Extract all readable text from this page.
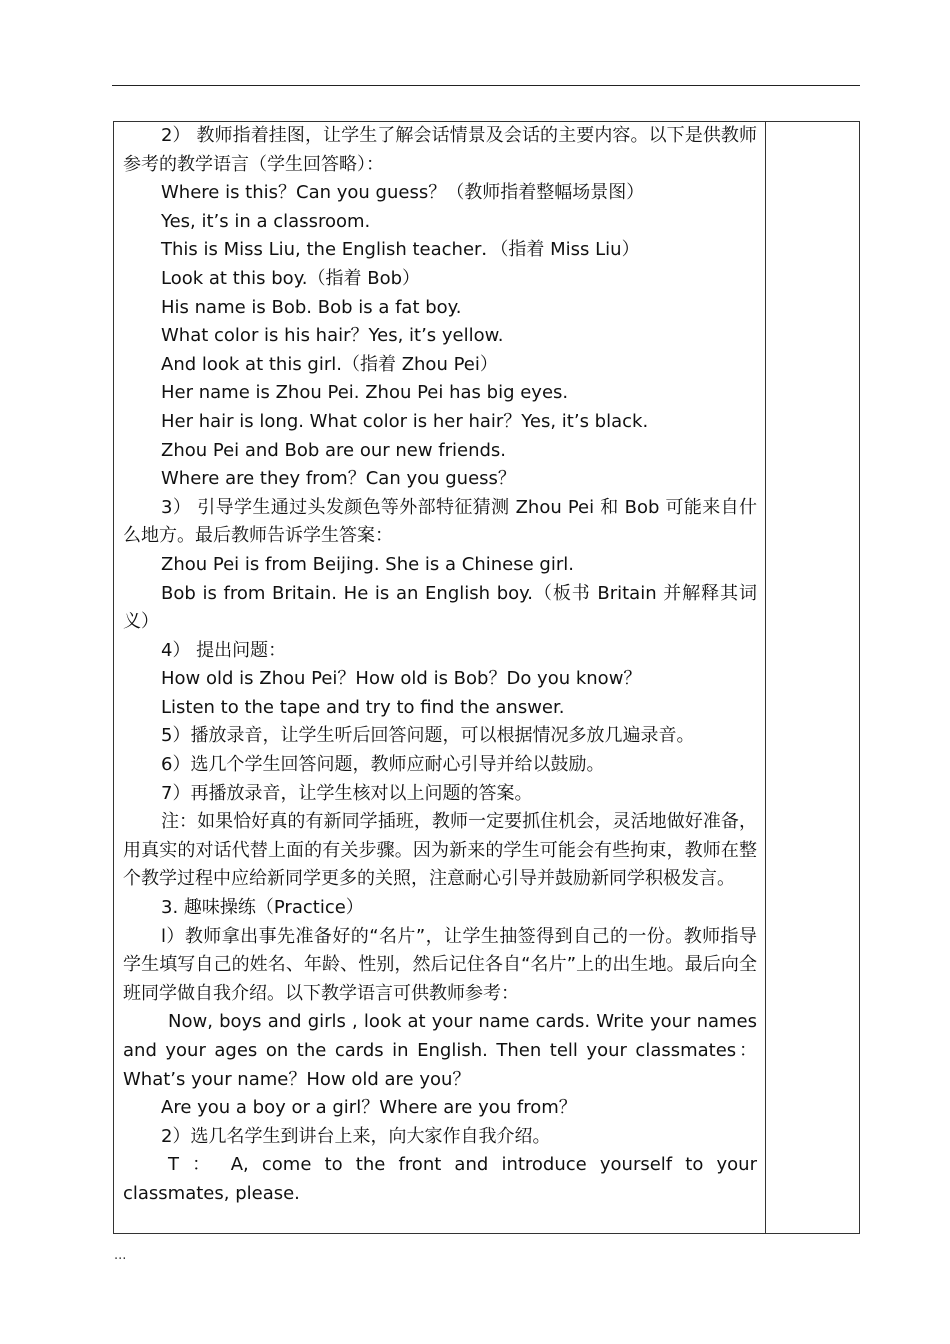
2） 教师指着挂图，让学生了解会话情景及会话的主要内容。以下是供教师参考的教学语言（学生回答略）：

Where is this？Can you guess？（教师指着整幅场景图）

Yes, it’s in a classroom.

This is Miss Liu, the English teacher．（指着 Miss Liu）

Look at this boy.（指着 Bob）

His name is Bob. Bob is a fat boy.

What color is his hair？Yes, it’s yellow.

And look at this girl.（指着 Zhou Pei）

Her name is Zhou Pei. Zhou Pei has big eyes.

Her hair is long. What color is her hair？Yes, it’s black.

Zhou Pei and Bob are our new friends.

Where are they from？Can you guess？

3） 引导学生通过头发颜色等外部特征猜测 Zhou Pei 和 Bob 可能来自什么地方。最后教师告诉学生答案：

Zhou Pei is from Beijing. She is a Chinese girl.

Bob is from Britain. He is an English boy.（板书 Britain 并解释其词义）

4） 提出问题：

How old is Zhou Pei？How old is Bob？Do you know？

Listen to the tape and try to find the answer.

5）播放录音，让学生听后回答问题，可以根据情况多放几遍录音。

6）选几个学生回答问题，教师应耐心引导并给以鼓励。

7）再播放录音，让学生核对以上问题的答案。

注：如果恰好真的有新同学插班，教师一定要抓住机会，灵活地做好准备，用真实的对话代替上面的有关步骤。因为新来的学生可能会有些拘束，教师在整个教学过程中应给新同学更多的关照，注意耐心引导并鼓励新同学积极发言。

3. 趣味操练（Practice）

l）教师拿出事先准备好的“名片”，让学生抽签得到自己的一份。教师指导学生填写自己的姓名、年龄、性别，然后记住各自“名片”上的出生地。最后向全班同学做自我介绍。以下教学语言可供教师参考：

Now, boys and girls , look at your name cards. Write your names and your ages on the cards in English. Then tell your classmates：What’s your name？How old are you？

Are you a boy or a girl？Where are you from？

2）选几名学生到讲台上来，向大家作自我介绍。

T ： A, come to the front and introduce yourself to your classmates, please.

...
